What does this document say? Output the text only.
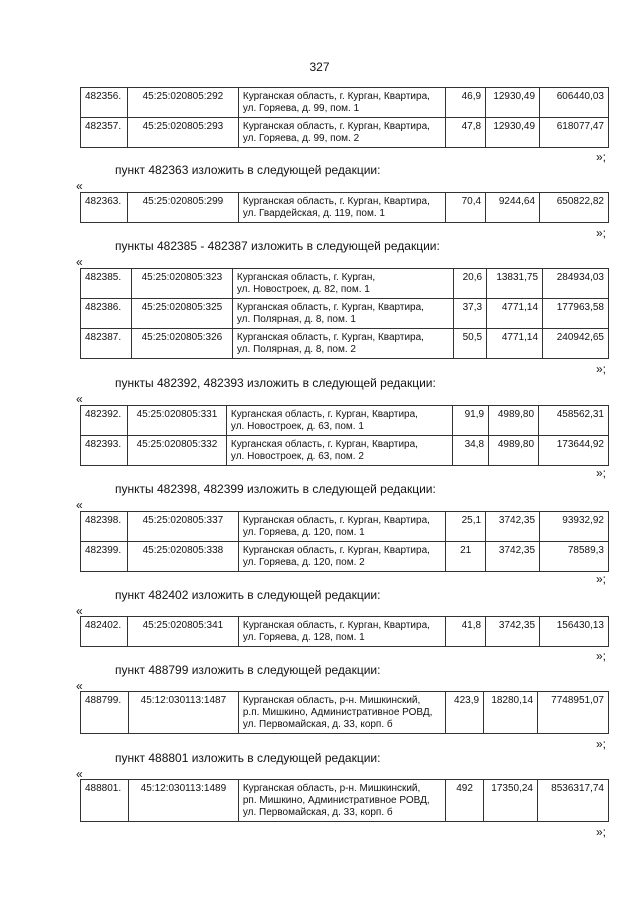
327
482356.	45:25:020805:292	Курганская область, г. Курган, Квартира,
ул. Горяева, д. 99, пом. 1	46,9	12930,49	606440,03
482357.	45:25:020805:293	Курганская область, г. Курган, Квартира,
ул. Горяева, д. 99, пом. 2	47,8	12930,49	618077,47
»;
пункт 482363 изложить в следующей редакции:
«
482363.	45:25:020805:299	Курганская область, г. Курган, Квартира,
ул. Гвардейская, д. 119, пом. 1
	70,4	9244,64	650822,82
»;
пункты 482385 - 482387 изложить в следующей редакции:
«
482385.	45:25:020805:323	Курганская область, г. Курган,
ул. Новостроек, д. 82, пом. 1	20,6	13831,75	284934,03
482386.	45:25:020805:325	Курганская область, г. Курган, Квартира,
ул. Полярная, д. 8, пом. 1	37,3	4771,14	177963,58
482387.	45:25:020805:326	Курганская область, г. Курган, Квартира,
ул. Полярная, д. 8, пом. 2	50,5	4771,14	240942,65
»;
пункты 482392, 482393 изложить в следующей редакции:
«
482392.	45:25:020805:331	Курганская область, г. Курган, Квартира,
ул. Новостроек, д. 63, пом. 1	91,9	4989,80	458562,31
482393.	45:25:020805:332	Курганская область, г. Курган, Квартира,
ул. Новостроек, д. 63, пом. 2	34,8	4989,80	173644,92
»;
пункты 482398, 482399 изложить в следующей редакции:
«
482398.	45:25:020805:337	Курганская область, г. Курган, Квартира,
ул. Горяева, д. 120, пом. 1	25,1	3742,35	93932,92
482399.	45:25:020805:338	Курганская область, г. Курган, Квартира,
ул. Горяева, д. 120, пом. 2	21	3742,35	78589,3
»;
пункт 482402 изложить в следующей редакции:
«
482402.	45:25:020805:341	Курганская область, г. Курган, Квартира,
ул. Горяева, д. 128, пом. 1
	41,8	3742,35	156430,13
»;
пункт 488799 изложить в следующей редакции:
«
488799.	45:12:030113:1487	Курганская область, р-н. Мишкинский,
р.п. Мишкино, Административное РОВД,
ул. Первомайская, д. 33, корп. б
	423,9	18280,14	7748951,07
»;
пункт 488801 изложить в следующей редакции:
«
488801.	45:12:030113:1489	Курганская область, р-н. Мишкинский,
рп. Мишкино, Административное РОВД,
ул. Первомайская, д. 33, корп. б
	492	17350,24	8536317,74
»;
